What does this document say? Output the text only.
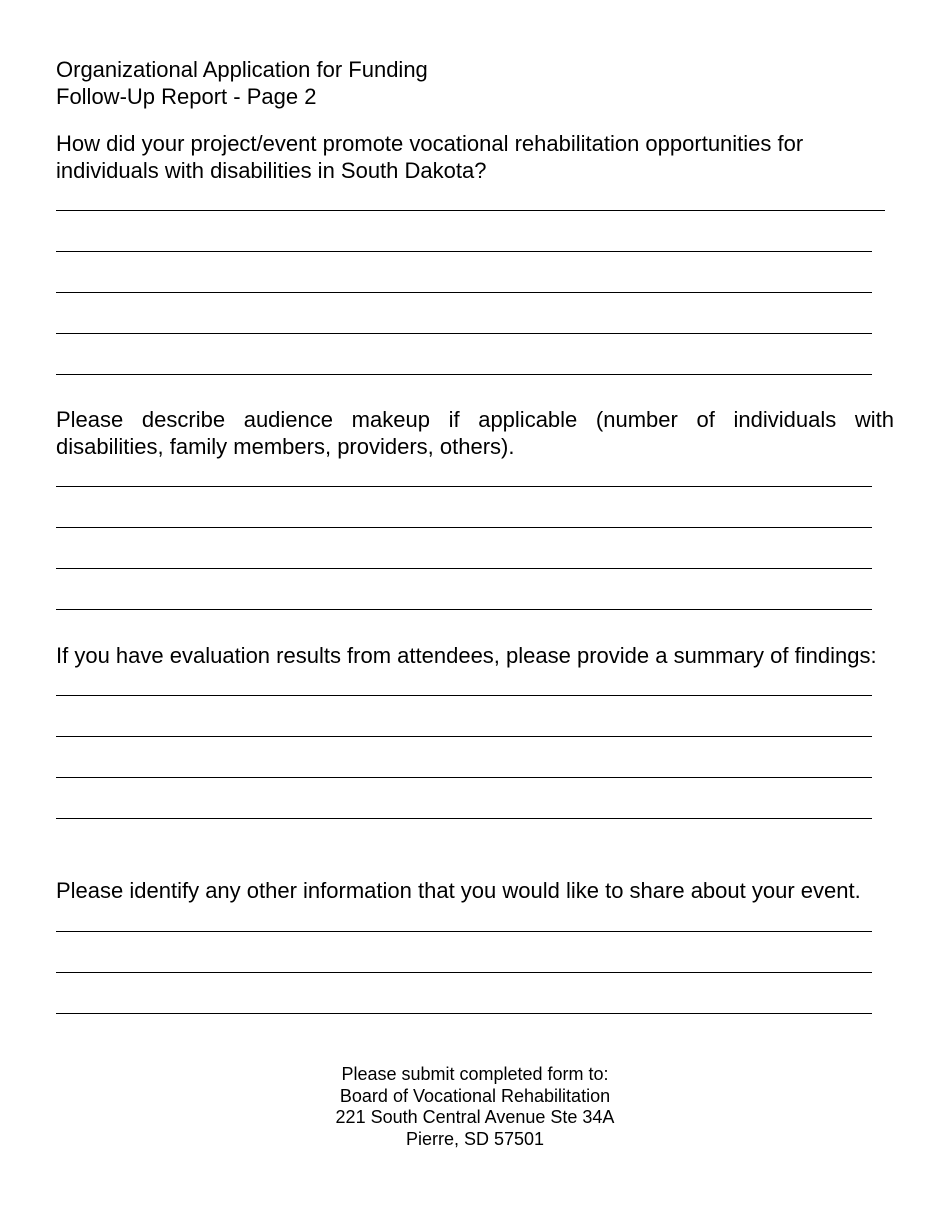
Organizational Application for Funding
Follow-Up Report - Page 2

How did your project/event promote vocational rehabilitation opportunities for individuals with disabilities in South Dakota?

Please describe audience makeup if applicable (number of individuals with disabilities, family members, providers, others).

If you have evaluation results from attendees, please provide a summary of findings:

Please identify any other information that you would like to share about your event.

Please submit completed form to:
Board of Vocational Rehabilitation
221 South Central Avenue Ste 34A
Pierre, SD 57501
